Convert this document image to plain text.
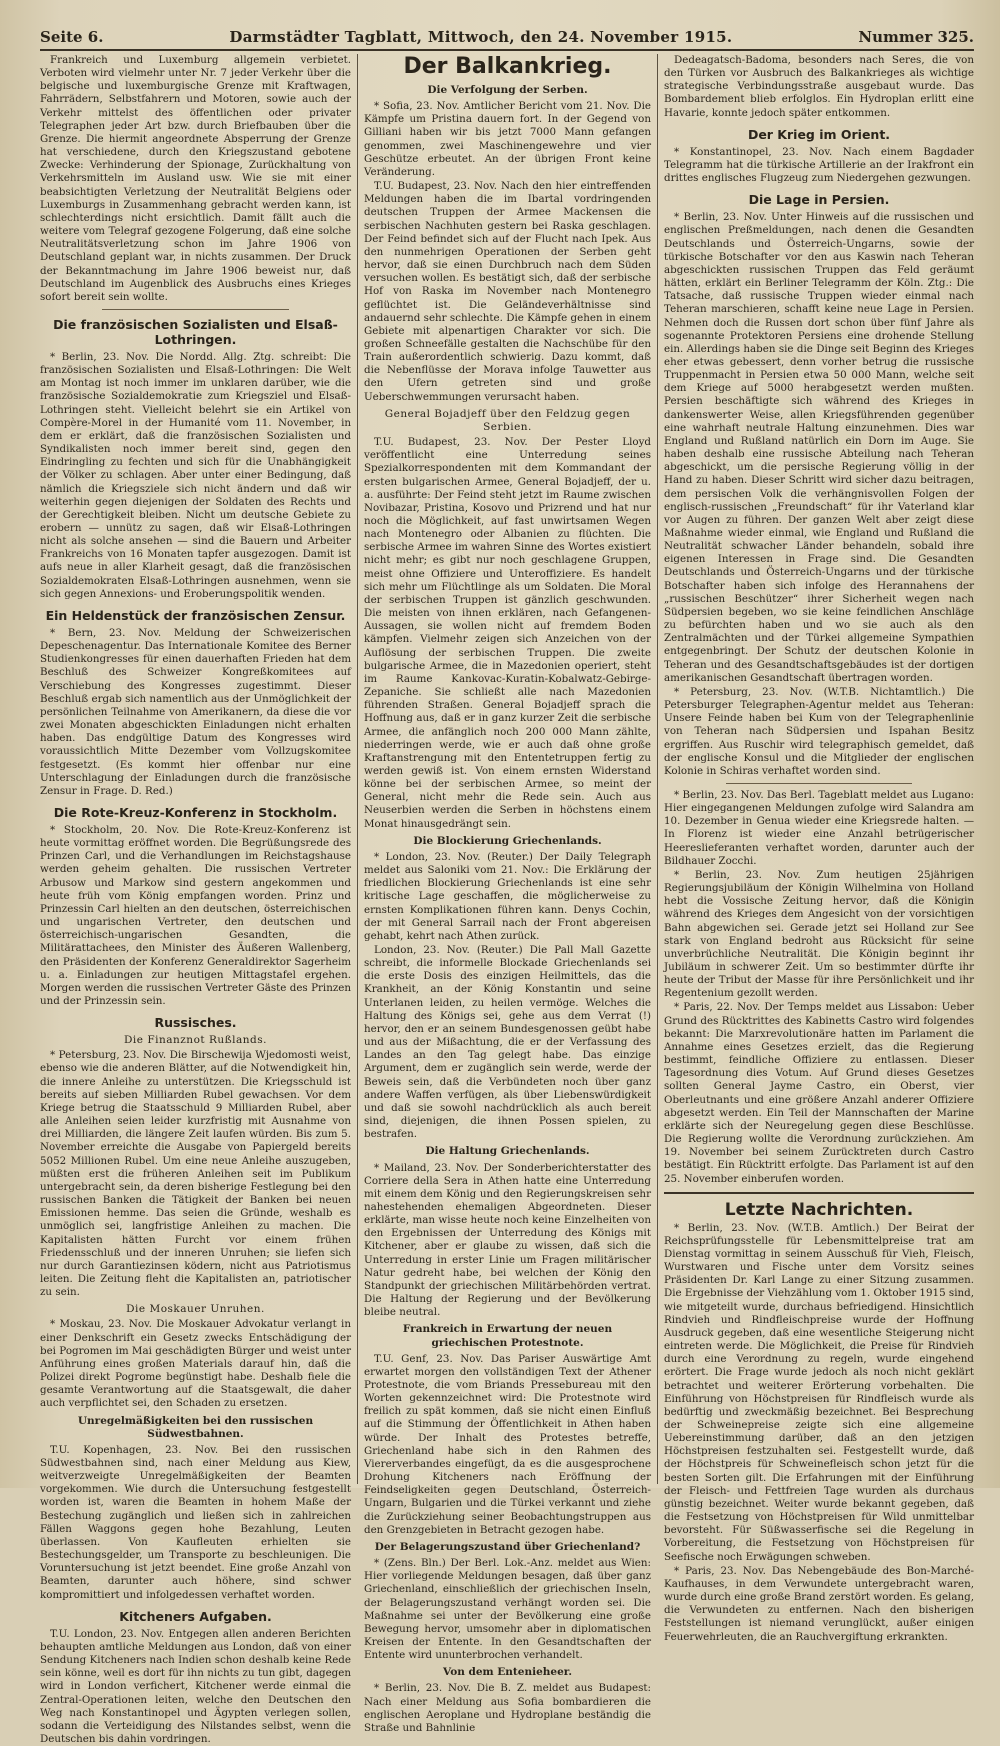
Seite 6.	Darmstädter Tagblatt, Mittwoch, den 24. November 1915.	Nummer 325.

Frankreich und Luxemburg allgemein verbietet. Verboten wird vielmehr unter Nr. 7 jeder Verkehr über die belgische und luxemburgische Grenze mit Kraftwagen, Fahrrädern, Selbstfahrern und Motoren, sowie auch der Verkehr mittelst des öffentlichen oder privater Telegraphen jeder Art bzw. durch Briefbauben über die Grenze. Die hiermit angeordnete Absperrung der Grenze hat verschiedene, durch den Kriegszustand gebotene Zwecke: Verhinderung der Spionage, Zurückhaltung von Verkehrsmitteln im Ausland usw. Wie sie mit einer beabsichtigten Verletzung der Neutralität Belgiens oder Luxemburgs in Zusammenhang gebracht werden kann, ist schlechterdings nicht ersichtlich. Damit fällt auch die weitere vom Telegraf gezogene Folgerung, daß eine solche Neutralitätsverletzung schon im Jahre 1906 von Deutschland geplant war, in nichts zusammen. Der Druck der Bekanntmachung im Jahre 1906 beweist nur, daß Deutschland im Augenblick des Ausbruchs eines Krieges sofort bereit sein wollte.

Die französischen Sozialisten und Elsaß-Lothringen.

* Berlin, 23. Nov. Die Nordd. Allg. Ztg. schreibt: Die französischen Sozialisten und Elsaß-Lothringen: Die Welt am Montag ist noch immer im unklaren darüber, wie die französische Sozialdemokratie zum Kriegsziel und Elsaß-Lothringen steht. Vielleicht belehrt sie ein Artikel von Compère-Morel in der Humanité vom 11. November, in dem er erklärt, daß die französischen Sozialisten und Syndikalisten noch immer bereit sind, gegen den Eindringling zu fechten und sich für die Unabhängigkeit der Völker zu schlagen. Aber unter einer Bedingung, daß nämlich die Kriegsziele sich nicht ändern und daß wir weiterhin gegen diejenigen der Soldaten des Rechts und der Gerechtigkeit bleiben. Nicht um deutsche Gebiete zu erobern — unnütz zu sagen, daß wir Elsaß-Lothringen nicht als solche ansehen — sind die Bauern und Arbeiter Frankreichs von 16 Monaten tapfer ausgezogen. Damit ist aufs neue in aller Klarheit gesagt, daß die französischen Sozialdemokraten Elsaß-Lothringen ausnehmen, wenn sie sich gegen Annexions- und Eroberungspolitik wenden.

Ein Heldenstück der französischen Zensur.

* Bern, 23. Nov. Meldung der Schweizerischen Depeschenagentur. Das Internationale Komitee des Berner Studienkongresses für einen dauerhaften Frieden hat dem Beschluß des Schweizer Kongreßkomitees auf Verschiebung des Kongresses zugestimmt. Dieser Beschluß ergab sich namentlich aus der Unmöglichkeit der persönlichen Teilnahme von Amerikanern, da diese die vor zwei Monaten abgeschickten Einladungen nicht erhalten haben. Das endgültige Datum des Kongresses wird voraussichtlich Mitte Dezember vom Vollzugskomitee festgesetzt. (Es kommt hier offenbar nur eine Unterschlagung der Einladungen durch die französische Zensur in Frage. D. Red.)

Die Rote-Kreuz-Konferenz in Stockholm.

* Stockholm, 20. Nov. Die Rote-Kreuz-Konferenz ist heute vormittag eröffnet worden. Die Begrüßungsrede des Prinzen Carl, und die Verhandlungen im Reichstagshause werden geheim gehalten. Die russischen Vertreter Arbusow und Markow sind gestern angekommen und heute früh vom König empfangen worden. Prinz und Prinzessin Carl hielten an den deutschen, österreichischen und ungarischen Vertreter, den deutschen und österreichisch-ungarischen Gesandten, die Militärattachees, den Minister des Äußeren Wallenberg, den Präsidenten der Konferenz Generaldirektor Sagerheim u. a. Einladungen zur heutigen Mittagstafel ergehen. Morgen werden die russischen Vertreter Gäste des Prinzen und der Prinzessin sein.

Russisches.
Die Finanznot Rußlands.

* Petersburg, 23. Nov. Die Birschewija Wjedomosti weist, ebenso wie die anderen Blätter, auf die Notwendigkeit hin, die innere Anleihe zu unterstützen. Die Kriegsschuld ist bereits auf sieben Milliarden Rubel gewachsen. Vor dem Kriege betrug die Staatsschuld 9 Milliarden Rubel, aber alle Anleihen seien leider kurzfristig mit Ausnahme von drei Milliarden, die längere Zeit laufen würden. Bis zum 5. November erreichte die Ausgabe von Papiergeld bereits 5052 Millionen Rubel. Um eine neue Anleihe auszugeben, müßten erst die früheren Anleihen seit im Publikum untergebracht sein, da deren bisherige Festlegung bei den russischen Banken die Tätigkeit der Banken bei neuen Emissionen hemme. Das seien die Gründe, weshalb es unmöglich sei, langfristige Anleihen zu machen. Die Kapitalisten hätten Furcht vor einem frühen Friedensschluß und der inneren Unruhen; sie liefen sich nur durch Garantiezinsen ködern, nicht aus Patriotismus leiten. Die Zeitung fleht die Kapitalisten an, patriotischer zu sein.

Die Moskauer Unruhen.

* Moskau, 23. Nov. Die Moskauer Advokatur verlangt in einer Denkschrift ein Gesetz zwecks Entschädigung der bei Pogromen im Mai geschädigten Bürger und weist unter Anführung eines großen Materials darauf hin, daß die Polizei direkt Pogrome begünstigt habe. Deshalb fiele die gesamte Verantwortung auf die Staatsgewalt, die daher auch verpflichtet sei, den Schaden zu ersetzen.

Unregelmäßigkeiten bei den russischen Südwestbahnen.

T.U. Kopenhagen, 23. Nov. Bei den russischen Südwestbahnen sind, nach einer Meldung aus Kiew, weitverzweigte Unregelmäßigkeiten der Beamten vorgekommen. Wie durch die Untersuchung festgestellt worden ist, waren die Beamten in hohem Maße der Bestechung zugänglich und ließen sich in zahlreichen Fällen Waggons gegen hohe Bezahlung, Leuten überlassen. Von Kaufleuten erhielten sie Bestechungsgelder, um Transporte zu beschleunigen. Die Voruntersuchung ist jetzt beendet. Eine große Anzahl von Beamten, darunter auch höhere, sind schwer kompromittiert und infolgedessen verhaftet worden.

Kitcheners Aufgaben.

T.U. London, 23. Nov. Entgegen allen anderen Berichten behaupten amtliche Meldungen aus London, daß von einer Sendung Kitcheners nach Indien schon deshalb keine Rede sein könne, weil es dort für ihn nichts zu tun gibt, dagegen wird in London verfichert, Kitchener werde einmal die Zentral-Operationen leiten, welche den Deutschen den Weg nach Konstantinopel und Ägypten verlegen sollen, sodann die Verteidigung des Nilstandes selbst, wenn die Deutschen bis dahin vordringen.

Der Balkankrieg.
Die Verfolgung der Serben.

* Sofia, 23. Nov. Amtlicher Bericht vom 21. Nov. Die Kämpfe um Pristina dauern fort. In der Gegend von Gilliani haben wir bis jetzt 7000 Mann gefangen genommen, zwei Maschinengewehre und vier Geschütze erbeutet. An der übrigen Front keine Veränderung.

T.U. Budapest, 23. Nov. Nach den hier eintreffenden Meldungen haben die im Ibartal vordringenden deutschen Truppen der Armee Mackensen die serbischen Nachhuten gestern bei Raska geschlagen. Der Feind befindet sich auf der Flucht nach Ipek. Aus den nunmehrigen Operationen der Serben geht hervor, daß sie einen Durchbruch nach dem Süden versuchen wollen. Es bestätigt sich, daß der serbische Hof von Raska im November nach Montenegro geflüchtet ist. Die Geländeverhältnisse sind andauernd sehr schlechte. Die Kämpfe gehen in einem Gebiete mit alpenartigen Charakter vor sich. Die großen Schneefälle gestalten die Nachschübe für den Train außerordentlich schwierig. Dazu kommt, daß die Nebenflüsse der Morava infolge Tauwetter aus den Ufern getreten sind und große Ueberschwemmungen verursacht haben.

General Bojadjeff über den Feldzug gegen Serbien.

T.U. Budapest, 23. Nov. Der Pester Lloyd veröffentlicht eine Unterredung seines Spezialkorrespondenten mit dem Kommandant der ersten bulgarischen Armee, General Bojadjeff, der u. a. ausführte: Der Feind steht jetzt im Raume zwischen Novibazar, Pristina, Kosovo und Prizrend und hat nur noch die Möglichkeit, auf fast unwirtsamen Wegen nach Montenegro oder Albanien zu flüchten. Die serbische Armee im wahren Sinne des Wortes existiert nicht mehr; es gibt nur noch geschlagene Gruppen, meist ohne Offiziere und Unteroffiziere. Es handelt sich mehr um Flüchtlinge als um Soldaten. Die Moral der serbischen Truppen ist gänzlich geschwunden. Die meisten von ihnen erklären, nach Gefangenen-Aussagen, sie wollen nicht auf fremdem Boden kämpfen. Vielmehr zeigen sich Anzeichen von der Auflösung der serbischen Truppen. Die zweite bulgarische Armee, die in Mazedonien operiert, steht im Raume Kankovac-Kuratin-Kobalwatz-Gebirge-Zepaniche. Sie schließt alle nach Mazedonien führenden Straßen. General Bojadjeff sprach die Hoffnung aus, daß er in ganz kurzer Zeit die serbische Armee, die anfänglich noch 200 000 Mann zählte, niederringen werde, wie er auch daß ohne große Kraftanstrengung mit den Ententetruppen fertig zu werden gewiß ist. Von einem ernsten Widerstand könne bei der serbischen Armee, so meint der General, nicht mehr die Rede sein. Auch aus Neuserbien werden die Serben in höchstens einem Monat hinausgedrängt sein.

Die Blockierung Griechenlands.

* London, 23. Nov. (Reuter.) Der Daily Telegraph meldet aus Saloniki vom 21. Nov.: Die Erklärung der friedlichen Blockierung Griechenlands ist eine sehr kritische Lage geschaffen, die möglicherweise zu ernsten Komplikationen führen kann. Denys Cochin, der mit General Sarrail nach der Front abgereisen gehabt, kehrt nach Athen zurück.

London, 23. Nov. (Reuter.) Die Pall Mall Gazette schreibt, die informelle Blockade Griechenlands sei die erste Dosis des einzigen Heilmittels, das die Krankheit, an der König Konstantin und seine Unterlanen leiden, zu heilen vermöge. Welches die Haltung des Königs sei, gehe aus dem Verrat (!) hervor, den er an seinem Bundesgenossen geübt habe und aus der Mißachtung, die er der Verfassung des Landes an den Tag gelegt habe. Das einzige Argument, dem er zugänglich sein werde, werde der Beweis sein, daß die Verbündeten noch über ganz andere Waffen verfügen, als über Liebenswürdigkeit und daß sie sowohl nachdrücklich als auch bereit sind, diejenigen, die ihnen Possen spielen, zu bestrafen.

Die Haltung Griechenlands.

* Mailand, 23. Nov. Der Sonderberichterstatter des Corriere della Sera in Athen hatte eine Unterredung mit einem dem König und den Regierungskreisen sehr nahestehenden ehemaligen Abgeordneten. Dieser erklärte, man wisse heute noch keine Einzelheiten von den Ergebnissen der Unterredung des Königs mit Kitchener, aber er glaube zu wissen, daß sich die Unterredung in erster Linie um Fragen militärischer Natur gedreht habe, bei welchen der König den Standpunkt der griechischen Militärbehörden vertrat. Die Haltung der Regierung und der Bevölkerung bleibe neutral.

Frankreich in Erwartung der neuen griechischen Protestnote.

T.U. Genf, 23. Nov. Das Pariser Auswärtige Amt erwartet morgen den vollständigen Text der Athener Protestnote, die vom Briands Pressebureau mit den Worten gekennzeichnet wird: Die Protestnote wird freilich zu spät kommen, daß sie nicht einen Einfluß auf die Stimmung der Öffentlichkeit in Athen haben würde. Der Inhalt des Protestes betreffe, Griechenland habe sich in den Rahmen des Viererverbandes eingefügt, da es die ausgesprochene Drohung Kitcheners nach Eröffnung der Feindseligkeiten gegen Deutschland, Österreich-Ungarn, Bulgarien und die Türkei verkannt und ziehe die Zurückziehung seiner Beobachtungstruppen aus den Grenzgebieten in Betracht gezogen habe.

Der Belagerungszustand über Griechenland?

* (Zens. Bln.) Der Berl. Lok.-Anz. meldet aus Wien: Hier vorliegende Meldungen besagen, daß über ganz Griechenland, einschließlich der griechischen Inseln, der Belagerungszustand verhängt worden sei. Die Maßnahme sei unter der Bevölkerung eine große Bewegung hervor, umsomehr aber in diplomatischen Kreisen der Entente. In den Gesandtschaften der Entente wird ununterbrochen verhandelt.

Von dem Entenieheer.

* Berlin, 23. Nov. Die B. Z. meldet aus Budapest: Nach einer Meldung aus Sofia bombardieren die englischen Aeroplane und Hydroplane beständig die Straße und Bahnlinie

Dedeagatsch-Badoma, besonders nach Seres, die von den Türken vor Ausbruch des Balkankrieges als wichtige strategische Verbindungsstraße ausgebaut wurde. Das Bombardement blieb erfolglos. Ein Hydroplan erlitt eine Havarie, konnte jedoch später entkommen.

Der Krieg im Orient.

* Konstantinopel, 23. Nov. Nach einem Bagdader Telegramm hat die türkische Artillerie an der Irakfront ein drittes englisches Flugzeug zum Niedergehen gezwungen.

Die Lage in Persien.

* Berlin, 23. Nov. Unter Hinweis auf die russischen und englischen Preßmeldungen, nach denen die Gesandten Deutschlands und Österreich-Ungarns, sowie der türkische Botschafter vor den aus Kaswin nach Teheran abgeschickten russischen Truppen das Feld geräumt hätten, erklärt ein Berliner Telegramm der Köln. Ztg.: Die Tatsache, daß russische Truppen wieder einmal nach Teheran marschieren, schafft keine neue Lage in Persien. Nehmen doch die Russen dort schon über fünf Jahre als sogenannte Protektoren Persiens eine drohende Stellung ein. Allerdings haben sie die Dinge seit Beginn des Krieges eher etwas gebessert, denn vorher betrug die russische Truppenmacht in Persien etwa 50 000 Mann, welche seit dem Kriege auf 5000 herabgesetzt werden mußten. Persien beschäftigte sich während des Krieges in dankenswerter Weise, allen Kriegsführenden gegenüber eine wahrhaft neutrale Haltung einzunehmen. Dies war England und Rußland natürlich ein Dorn im Auge. Sie haben deshalb eine russische Abteilung nach Teheran abgeschickt, um die persische Regierung völlig in der Hand zu haben. Dieser Schritt wird sicher dazu beitragen, dem persischen Volk die verhängnisvollen Folgen der englisch-russischen „Freundschaft“ für ihr Vaterland klar vor Augen zu führen. Der ganzen Welt aber zeigt diese Maßnahme wieder einmal, wie England und Rußland die Neutralität schwacher Länder behandeln, sobald ihre eigenen Interessen in Frage sind. Die Gesandten Deutschlands und Österreich-Ungarns und der türkische Botschafter haben sich infolge des Herannahens der „russischen Beschützer“ ihrer Sicherheit wegen nach Südpersien begeben, wo sie keine feindlichen Anschläge zu befürchten haben und wo sie auch als den Zentralmächten und der Türkei allgemeine Sympathien entgegenbringt. Der Schutz der deutschen Kolonie in Teheran und des Gesandtschaftsgebäudes ist der dortigen amerikanischen Gesandtschaft übertragen worden.

* Petersburg, 23. Nov. (W.T.B. Nichtamtlich.) Die Petersburger Telegraphen-Agentur meldet aus Teheran: Unsere Feinde haben bei Kum von der Telegraphenlinie von Teheran nach Südpersien und Ispahan Besitz ergriffen. Aus Ruschir wird telegraphisch gemeldet, daß der englische Konsul und die Mitglieder der englischen Kolonie in Schiras verhaftet worden sind.

* Berlin, 23. Nov. Das Berl. Tageblatt meldet aus Lugano: Hier eingegangenen Meldungen zufolge wird Salandra am 10. Dezember in Genua wieder eine Kriegsrede halten. — In Florenz ist wieder eine Anzahl betrügerischer Heereslieferanten verhaftet worden, darunter auch der Bildhauer Zocchi.

* Berlin, 23. Nov. Zum heutigen 25jährigen Regierungsjubiläum der Königin Wilhelmina von Holland hebt die Vossische Zeitung hervor, daß die Königin während des Krieges dem Angesicht von der vorsichtigen Bahn abgewichen sei. Gerade jetzt sei Holland zur See stark von England bedroht aus Rücksicht für seine unverbrüchliche Neutralität. Die Königin beginnt ihr Jubiläum in schwerer Zeit. Um so bestimmter dürfte ihr heute der Tribut der Masse für ihre Persönlichkeit und ihr Regentenium gezollt werden.

* Paris, 22. Nov. Der Temps meldet aus Lissabon: Ueber Grund des Rücktrittes des Kabinetts Castro wird folgendes bekannt: Die Marxrevolutionäre hatten im Parlament die Annahme eines Gesetzes erzielt, das die Regierung bestimmt, feindliche Offiziere zu entlassen. Dieser Tagesordnung dies Votum. Auf Grund dieses Gesetzes sollten General Jayme Castro, ein Oberst, vier Oberleutnants und eine größere Anzahl anderer Offiziere abgesetzt werden. Ein Teil der Mannschaften der Marine erklärte sich der Neuregelung gegen diese Beschlüsse. Die Regierung wollte die Verordnung zurückziehen. Am 19. November bei seinem Zurücktreten durch Castro bestätigt. Ein Rücktritt erfolgte. Das Parlament ist auf den 25. November einberufen worden.

Letzte Nachrichten.

* Berlin, 23. Nov. (W.T.B. Amtlich.) Der Beirat der Reichsprüfungsstelle für Lebensmittelpreise trat am Dienstag vormittag in seinem Ausschuß für Vieh, Fleisch, Wurstwaren und Fische unter dem Vorsitz seines Präsidenten Dr. Karl Lange zu einer Sitzung zusammen. Die Ergebnisse der Viehzählung vom 1. Oktober 1915 sind, wie mitgeteilt wurde, durchaus befriedigend. Hinsichtlich Rindvieh und Rindfleischpreise wurde der Hoffnung Ausdruck gegeben, daß eine wesentliche Steigerung nicht eintreten werde. Die Möglichkeit, die Preise für Rindvieh durch eine Verordnung zu regeln, wurde eingehend erörtert. Die Frage wurde jedoch als noch nicht geklärt betrachtet und weiterer Erörterung vorbehalten. Die Einführung von Höchstpreisen für Rindfleisch wurde als bedürftig und zweckmäßig bezeichnet. Bei Besprechung der Schweinepreise zeigte sich eine allgemeine Uebereinstimmung darüber, daß an den jetzigen Höchstpreisen festzuhalten sei. Festgestellt wurde, daß der Höchstpreis für Schweinefleisch schon jetzt für die besten Sorten gilt. Die Erfahrungen mit der Einführung der Fleisch- und Fettfreien Tage wurden als durchaus günstig bezeichnet. Weiter wurde bekannt gegeben, daß die Festsetzung von Höchstpreisen für Wild unmittelbar bevorsteht. Für Süßwasserfische sei die Regelung in Vorbereitung, die Festsetzung von Höchstpreisen für Seefische noch Erwägungen schweben.

* Paris, 23. Nov. Das Nebengebäude des Bon-Marché-Kaufhauses, in dem Verwundete untergebracht waren, wurde durch eine große Brand zerstört worden. Es gelang, die Verwundeten zu entfernen. Nach den bisherigen Feststellungen ist niemand verunglückt, außer einigen Feuerwehrleuten, die an Rauchvergiftung erkrankten.
